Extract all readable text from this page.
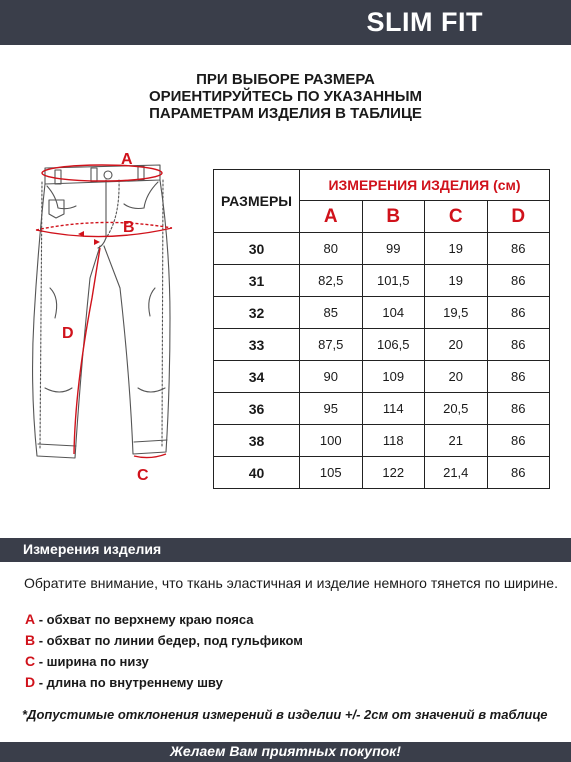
SLIM FIT
ПРИ ВЫБОРЕ РАЗМЕРА
ОРИЕНТИРУЙТЕСЬ ПО УКАЗАННЫМ
ПАРАМЕТРАМ ИЗДЕЛИЯ В ТАБЛИЦЕ
A
B
D
C
РАЗМЕРЫ	ИЗМЕРЕНИЯ ИЗДЕЛИЯ (см)			
	A	B	C	D
30	80	99	19	86
31	82,5	101,5	19	86
32	85	104	19,5	86
33	87,5	106,5	20	86
34	90	109	20	86
36	95	114	20,5	86
38	100	118	21	86
40	105	122	21,4	86
Измерения изделия
Обратите внимание, что ткань эластичная и изделие немного тянется по ширине.
A - обхват по верхнему краю пояса
B - обхват по линии бедер, под гульфиком
C - ширина по низу
D - длина по внутреннему шву
*Допустимые отклонения измерений в изделии +/- 2см от значений в таблице
Желаем Вам приятных покупок!
